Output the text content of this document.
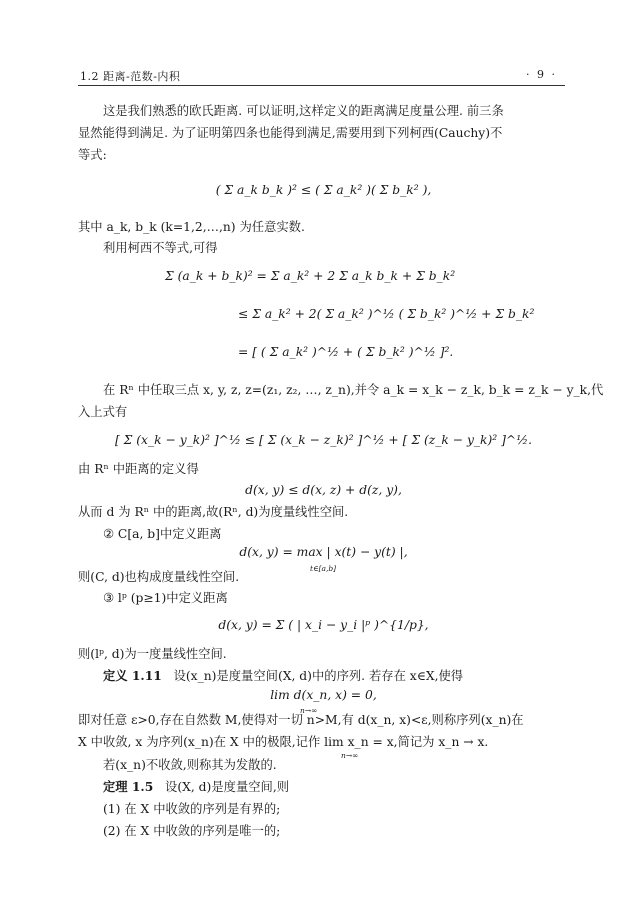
1.2 距离-范数-内积	· 9 ·
这是我们熟悉的欧氏距离. 可以证明,这样定义的距离满足度量公理. 前三条
显然能得到满足. 为了证明第四条也能得到满足,需要用到下列柯西(Cauchy)不
等式:
( Σ a_k b_k )² ≤ ( Σ a_k² )( Σ b_k² ),
其中 a_k, b_k (k=1,2,…,n) 为任意实数.
利用柯西不等式,可得
Σ (a_k + b_k)² = Σ a_k² + 2 Σ a_k b_k + Σ b_k²
≤ Σ a_k² + 2( Σ a_k² )^½ ( Σ b_k² )^½ + Σ b_k²
= [ ( Σ a_k² )^½ + ( Σ b_k² )^½ ]².
在 Rⁿ 中任取三点 x, y, z, z=(z₁, z₂, …, z_n),并令 a_k = x_k − z_k, b_k = z_k − y_k,代
入上式有
[ Σ (x_k − y_k)² ]^½ ≤ [ Σ (x_k − z_k)² ]^½ + [ Σ (z_k − y_k)² ]^½.
由 Rⁿ 中距离的定义得
d(x, y) ≤ d(x, z) + d(z, y),
从而 d 为 Rⁿ 中的距离,故(Rⁿ, d)为度量线性空间.
② C[a, b]中定义距离
d(x, y) = max | x(t) − y(t) |,
t∈[a,b]
则(C, d)也构成度量线性空间.
③ lᵖ (p≥1)中定义距离
d(x, y) = Σ ( | x_i − y_i |ᵖ )^{1/p},
则(lᵖ, d)为一度量线性空间.
定义 1.11 设(x_n)是度量空间(X, d)中的序列. 若存在 x∈X,使得
lim d(x_n, x) = 0,
n→∞
即对任意 ε>0,存在自然数 M,使得对一切 n>M,有 d(x_n, x)<ε,则称序列(x_n)在
X 中收敛, x 为序列(x_n)在 X 中的极限,记作 lim x_n = x,简记为 x_n → x.
n→∞
若(x_n)不收敛,则称其为发散的.
定理 1.5 设(X, d)是度量空间,则
(1) 在 X 中收敛的序列是有界的;
(2) 在 X 中收敛的序列是唯一的;
